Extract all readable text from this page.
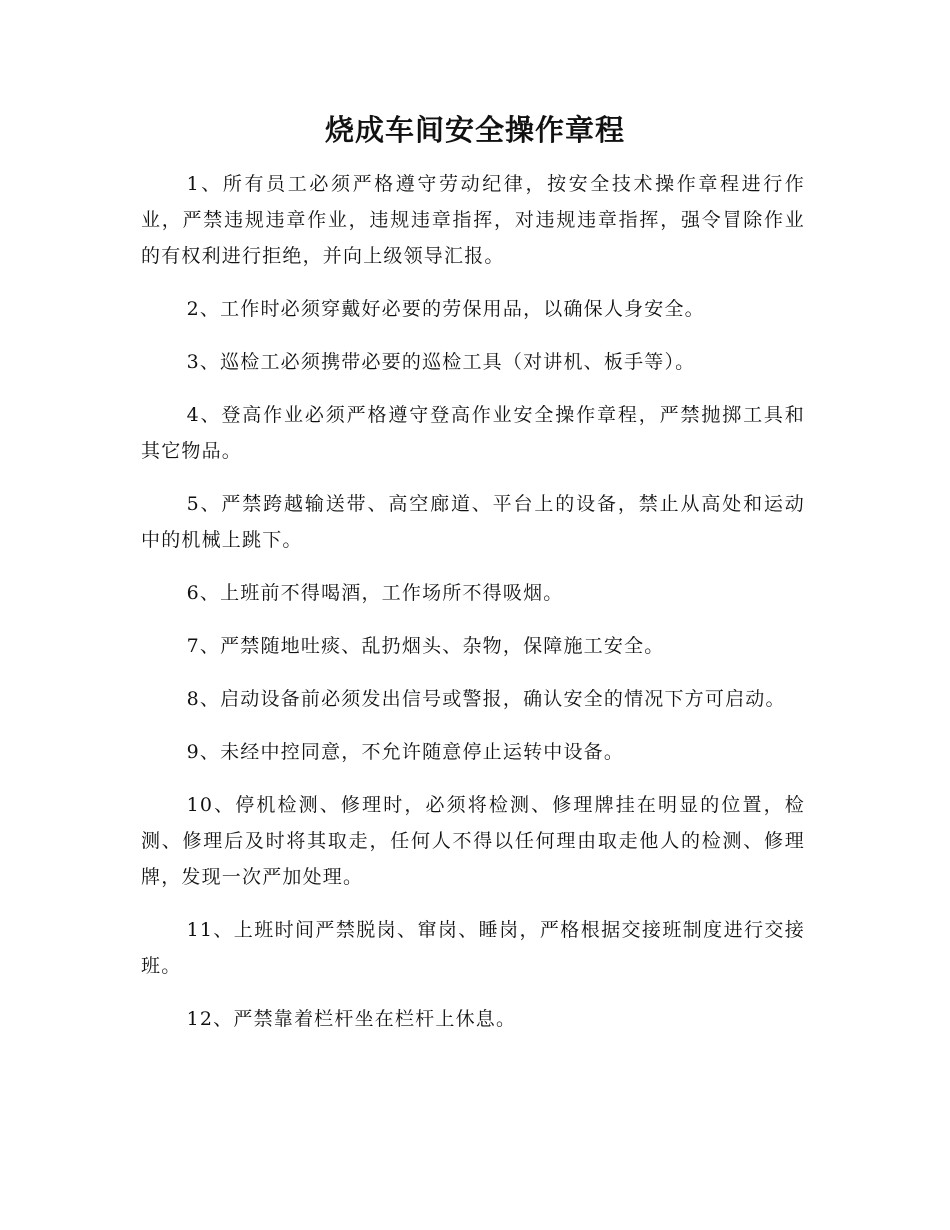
烧成车间安全操作章程

1、所有员工必须严格遵守劳动纪律，按安全技术操作章程进行作业，严禁违规违章作业，违规违章指挥，对违规违章指挥，强令冒除作业的有权利进行拒绝，并向上级领导汇报。

2、工作时必须穿戴好必要的劳保用品，以确保人身安全。

3、巡检工必须携带必要的巡检工具（对讲机、板手等）。

4、登高作业必须严格遵守登高作业安全操作章程，严禁抛掷工具和其它物品。

5、严禁跨越输送带、高空廊道、平台上的设备，禁止从高处和运动中的机械上跳下。

6、上班前不得喝酒，工作场所不得吸烟。

7、严禁随地吐痰、乱扔烟头、杂物，保障施工安全。

8、启动设备前必须发出信号或警报，确认安全的情况下方可启动。

9、未经中控同意，不允许随意停止运转中设备。

10、停机检测、修理时，必须将检测、修理牌挂在明显的位置，检测、修理后及时将其取走，任何人不得以任何理由取走他人的检测、修理牌，发现一次严加处理。

11、上班时间严禁脱岗、窜岗、睡岗，严格根据交接班制度进行交接班。

12、严禁靠着栏杆坐在栏杆上休息。
